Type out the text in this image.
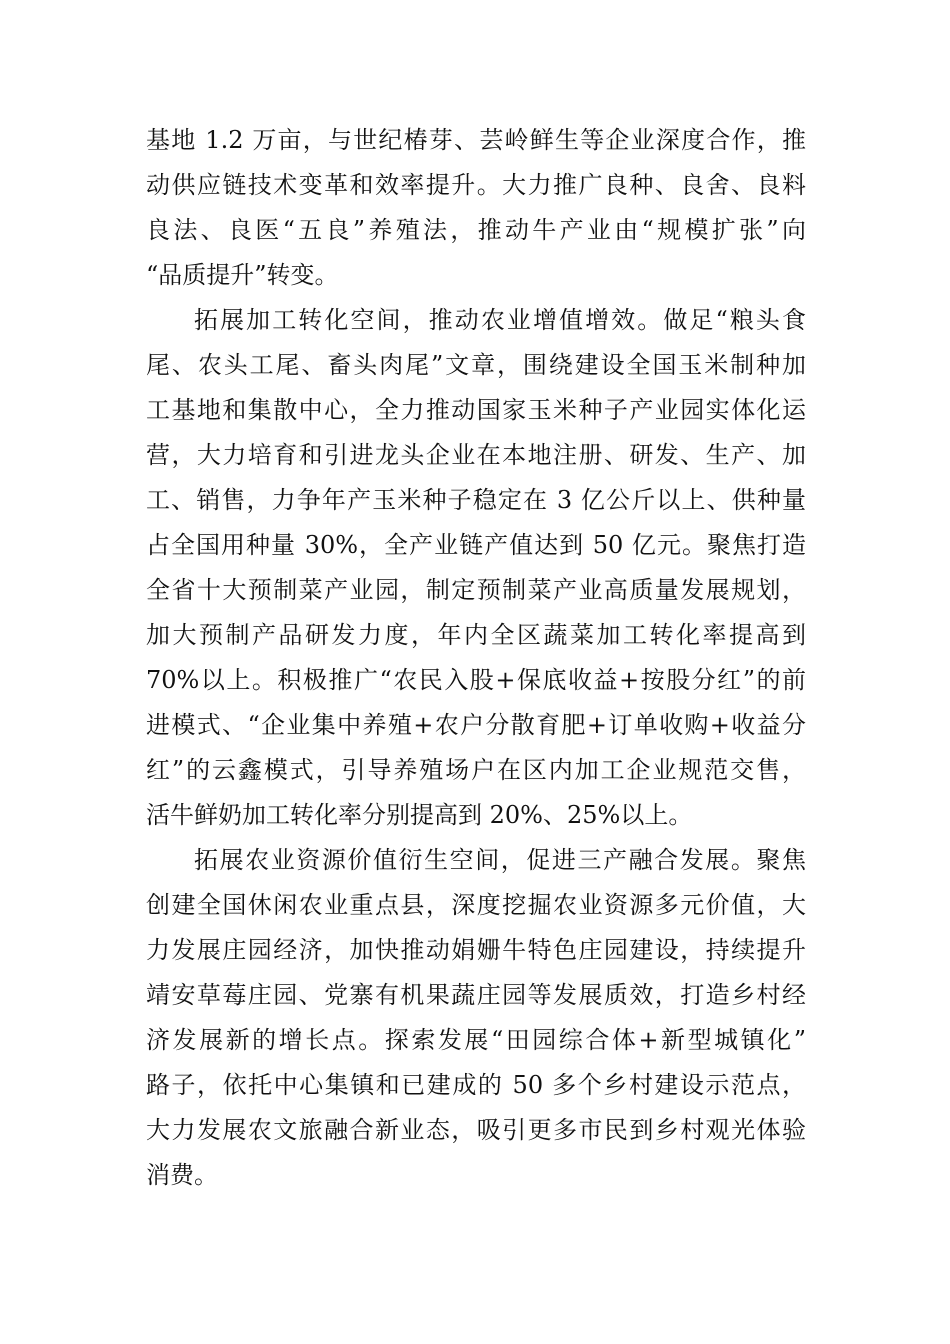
基地 1.2 万亩，与世纪椿芽、芸岭鲜生等企业深度合作，推
动供应链技术变革和效率提升。大力推广良种、良舍、良料
良法、良医“五良”养殖法，推动牛产业由“规模扩张”向
“品质提升”转变。
拓展加工转化空间，推动农业增值增效。做足“粮头食
尾、农头工尾、畜头肉尾”文章，围绕建设全国玉米制种加
工基地和集散中心，全力推动国家玉米种子产业园实体化运
营，大力培育和引进龙头企业在本地注册、研发、生产、加
工、销售，力争年产玉米种子稳定在 3 亿公斤以上、供种量
占全国用种量 30%，全产业链产值达到 50 亿元。聚焦打造
全省十大预制菜产业园，制定预制菜产业高质量发展规划，
加大预制产品研发力度，年内全区蔬菜加工转化率提高到
70%以上。积极推广“农民入股+保底收益+按股分红”的前
进模式、“企业集中养殖+农户分散育肥+订单收购+收益分
红”的云鑫模式，引导养殖场户在区内加工企业规范交售，
活牛鲜奶加工转化率分别提高到 20%、25%以上。
拓展农业资源价值衍生空间，促进三产融合发展。聚焦
创建全国休闲农业重点县，深度挖掘农业资源多元价值，大
力发展庄园经济，加快推动娟姗牛特色庄园建设，持续提升
靖安草莓庄园、党寨有机果蔬庄园等发展质效，打造乡村经
济发展新的增长点。探索发展“田园综合体+新型城镇化”
路子，依托中心集镇和已建成的 50 多个乡村建设示范点，
大力发展农文旅融合新业态，吸引更多市民到乡村观光体验
消费。
